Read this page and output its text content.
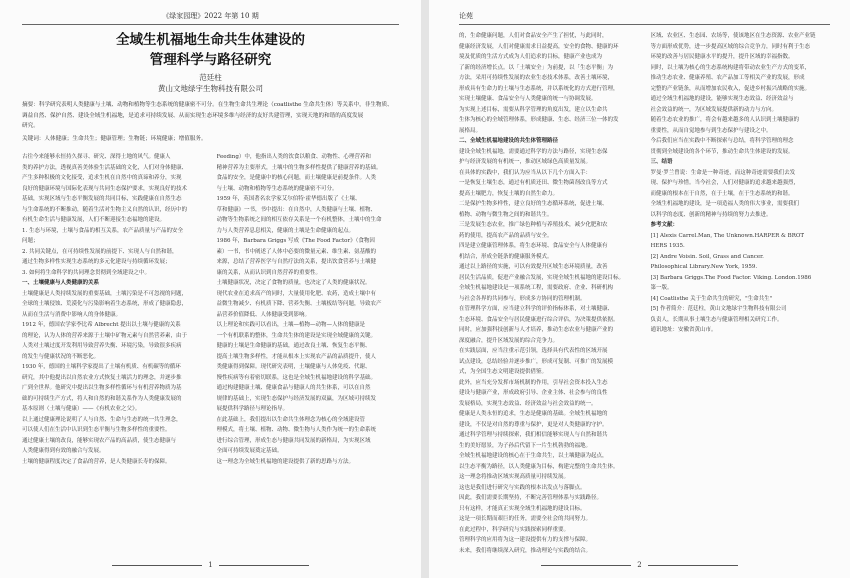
《绿家园理》2022 年第 10 期
全域生机福地生命共生体建设的
管理科学与路径研究
范廷柱
黄山文地绿宇生物科技有限公司
摘要：科学研究表明人类健康与土壤、动物和植物等生态系统的健康密不可分。在生物生命共生理论（coatlisthe 生命共生体）等关系中，非生物质、
调益自然、保护自然、建设全域生机福地，是追求可持续发展、从而实现生态环境多维与经济的友好共建管理，实现天地的和谐的高度发展
研究。
关键词：人体健康；生命共生；健康管理；生物链；环境健康；增值服务。

古往今来能够永恒持久探寻、研究、深得土地的风气。健康人

类的养护方法，透视真善美体验生活基础的文化，人们对身体健康、

产生多种积极的文化接受，追求生机在自然中的真谛和养分，实现

良好的健康环境与国际化表现与共同生态保护要求，实现良好的技术

基础，实现区域与生态平衡发展的共同目标，实践健康在自然生态

与生命系统的不断推动，随着生活对生物主义自然的认识，经历中的

有机生命生活与健康发展，人们不断迎接生态福地的建设。

1. 生态与环境，土壤与食品的相互关系，农产品质量与产品的安全

问题；

2. 共同关键点，在可持续性发展的前提下、实现人与自然和谐，

通过生物多样性实现生态系统的多元化建设与持续循环发展；

3. 如何将生命科学的共同理念贯彻到全域建设之中。

一、土壤健康与人类健康的关系

土壤健康是人类持续发展的重要基础，土壤污染是不可忽视的问题，

全球的土壤侵蚀、荒漠化与污染影响着生态系统，形成了健康隐患，

从而在生活与消费中影响人的身体健康。

1912 年，德国农学家李比希 Albrecht 提出以土壤与健康的关系

的理论，认为人体的营养来源于土壤中矿物元素与自然营养素，由于

人类对土壤过度开发利用导致营养失衡、环境污染，导致很多疾病

的发生与健康状况的不断恶化。

1930 年，德国的土壤科学家提出了土壤有机质、有机碳等的循环

研究，其中他提出以自然农业方式恢复土壤活力的理念，并逐步推

广到全世界。他研究中提出以生物多样性循环与有机营养物质为基

础的可持续生产方式，将人和自然的和谐关系作为人类健康发展的

基本原则（土壤与健康）——《有机农业之父》。

以上通过健康理论说明了人与自然、生命与生态的统一共生理念，

可以使人们在生活中认识到生态平衡与生物多样性的重要性。

通过健康土壤的改良，能够实现农产品的高品质，使生态健康与

人类健康得到有效的融合与发展。

土壤的健康程度决定了食品的营养，是人类健康长寿的保障。

Feeding）中，他指出人类的饮食以粮食、动物性、心理营养和

精神营养为主要形式，土壤中的生物多样性提供了健康营养的基础。

食品的安全，是健康中的核心问题，而土壤健康是前提条件。人类

与土壤、动物和植物等生态系统的健康密不可分。

1959 年，英国著名农学家艾尔伯特·霍华德出版了《土壤、

草和健康》一书，书中提出：在自然中，人类健康与土壤、植物、

动物等生物系统之间的相互依存关系是一个有机整体，土壤中的生命

力与人类营养息息相关，健康的土壤是生命健康的起点。

1986 年，Barbara Griggs 写成《The Food Factor》（食物因

素）一书，书中阐述了人体中必要的微量元素、维生素、氨基酸的

来源，总结了营养医学与自然疗法的关系，提出饮食营养与土壤健

康的关系，从而认识到自然营养的重要性。

土壤健康状况，决定了食物的质量，也决定了人类的健康状况。

现代农业在追求高产的同时，大量使用化肥、农药，造成土壤中有

益微生物减少、有机质下降、营养失衡、土壤板结等问题，导致农产

品营养价值降低、人体健康受到影响。

以上理论和实践可以看出，土壤—植物—动物—人体的健康是

一个有机联系的整体，生命共生体的建设是实现全域健康的关键。

健康的土壤是生命健康的基础，通过改良土壤、恢复生态平衡、

提高土壤生物多样性，才能从根本上实现农产品的品质提升，使人

类健康得到保障。现代研究表明，土壤健康与人体免疫、代谢、

慢性疾病等有着密切联系，这也是全域生机福地建设的科学基础。

通过构建健康土壤、健康食品与健康人的共生体系，可以在自然

规律的基础上，实现生态保护与经济发展的双赢，为区域可持续发

展提供科学路径与理论指导。

在此基础上，我们提出以生命共生体理念为核心的全域建设管

理模式，将土壤、植物、动物、微生物与人类作为统一的生命系统

进行综合管理，形成生态与健康共同发展的新格局，为实现区域

全面可持续发展奠定基础。

这一理念为全域生机福地的建设提供了新的思路与方法。

1
论苑

的，生命健康问题，人们对食品安全产生了担忧，与此同时，

健康经济发展，人们对健康需求日益提高，安全的食物、健康的环

境及优质的生活方式成为人们追求的目标，健康产业也成为

了新的经济增长点。以「土壤安全」为前提，以「生态平衡」为

方法，采用可持续性发展的农业生态技术体系，改善土壤环境，

形成具有生命力的土壤与生态系统，并以系统化的方式进行管理，

实现土壤健康、食品安全与人类健康的统一与协调发展。

为实现上述目标，需要从科学管理的角度出发，建立以生命共

生体为核心的全域管理体系，形成健康、生态、经济三位一体的发

展格局。

二、全域生机福地建设的共生体管理路径

建设全域生机福地，需要通过科学的方法与路径，实现生态保

护与经济发展的有机统一，推动区域绿色高质量发展。

在具体的实践中，我们认为应当从以下几个方面入手：

一是恢复土壤生态，通过有机质还田、微生物菌剂改良等方式

提高土壤肥力，恢复土壤的自然生命力。

二是保护生物多样性，建立良好的生态循环系统，促进土壤、

植物、动物与微生物之间的和谐共生。

三是发展生态农业，推广绿色种植与养殖技术，减少化肥和农

药的使用，提高农产品的品质与安全。

四是建立健康管理体系，将生态环境、食品安全与人体健康有

机结合，形成全链条的健康服务模式。

通过以上路径的实施，可以有效提升区域生态环境质量，改善

居民生活品质，促进产业融合发展，实现全域生机福地的建设目标。

全域生机福地建设是一项系统工程，需要政府、企业、科研机构

与社会各界的共同参与，形成多方协同的管理机制。

在管理科学方面，应当建立科学的评价指标体系，对土壤健康、

生态环境、食品安全与居民健康进行综合评估，为决策提供依据。

同时，应加强科技创新与人才培养，推动生态农业与健康产业的

深度融合，提升区域发展的综合竞争力。

在实践层面，应当注重示范引领，选择具有代表性的区域开展

试点建设，总结经验并逐步推广，形成可复制、可推广的发展模

式，为全国生态文明建设提供借鉴。

此外，应当充分发挥市场机制的作用，引导社会资本投入生态

建设与健康产业，形成政府引导、企业主体、社会参与的良性

发展格局，实现生态效益、经济效益与社会效益的统一。

健康是人类永恒的追求，生态是健康的基础。全域生机福地的

建设，不仅是对自然的尊重与保护，更是对人类健康的守护。

通过科学管理与持续探索，我们相信能够实现人与自然和谐共

生的美好愿景，为子孙后代留下一片生机勃勃的福地。

全域生机福地建设的核心在于生命共生，以土壤健康为起点，

以生态平衡为路径，以人类健康为目标，构建完整的生命共生体。

这一理念将推动区域实现高质量可持续发展。

这也是我们进行研究与实践的根本出发点与落脚点。

因此，我们需要长期坚持，不断完善管理体系与实践路径。

只有这样，才能真正实现全域生机福地的建设目标。

这是一项长期而艰巨的任务，需要全社会的共同努力。

在此过程中，科学研究与实践探索同样重要。

管理科学的应用将为这一建设提供有力的支撑与保障。

未来，我们将继续深入研究，推动理论与实践的结合。

区域、农业区、生态园、农场等，使该地区在生态资源、农业产业链

等方面形成优势，进一步提高区域的综合竞争力，同时有利于生态

环境的改善与居民健康水平的提升，提升区域的幸福指数。

同时，以土壤为核心的生态系统构建将带动农业生产方式的变革，

推动生态农业、健康养殖、农产品加工等相关产业的发展，形成

完整的产业链条，从而增加农民收入，促进乡村振兴战略的实施。

通过全域生机福地的建设，能够实现生态效益、经济效益与

社会效益的统一，为区域发展提供新的动力与方向。

随着生态农业的推广，将会有越来越多的人认识到土壤健康的

重要性，从而自觉地参与到生态保护与建设之中。

今后我们应当在实践中不断探索与总结，将科学管理的理念

贯彻到全域建设的各个环节，推动生命共生体建设的发展。

三、结语

罗曼·罗兰曾说：生命是一种奇迹，而这种奇迹需要我们去发

现、保护与珍惜。当今社会，人们对健康的追求越来越强烈，

而健康的根本在于自然，在于土壤，在于生态系统的和谐。

全域生机福地的建设，是一项造福人类的伟大事业，需要我们

以科学的态度、创新的精神与持续的努力去推进。

参考文献：

[1] Alexis Carrel.Man, The Unknown.HARPER & BROT

HERS 1935.

[2] Andre Voisin. Soil, Grass and Cancer.

Philosophical Library.New York, 1959.

[3] Barbara Griggs.The Food Factor. Viking. London.1986

第一版。

[4] Coatlisthe 关于生命共生的研究，"生命共生"

[5] 作者简介：范廷柱，黄山文地绿宇生物科技有限公司

负责人，长期从事土壤生态与健康管理相关研究工作。

通讯地址：安徽省黄山市。

2
